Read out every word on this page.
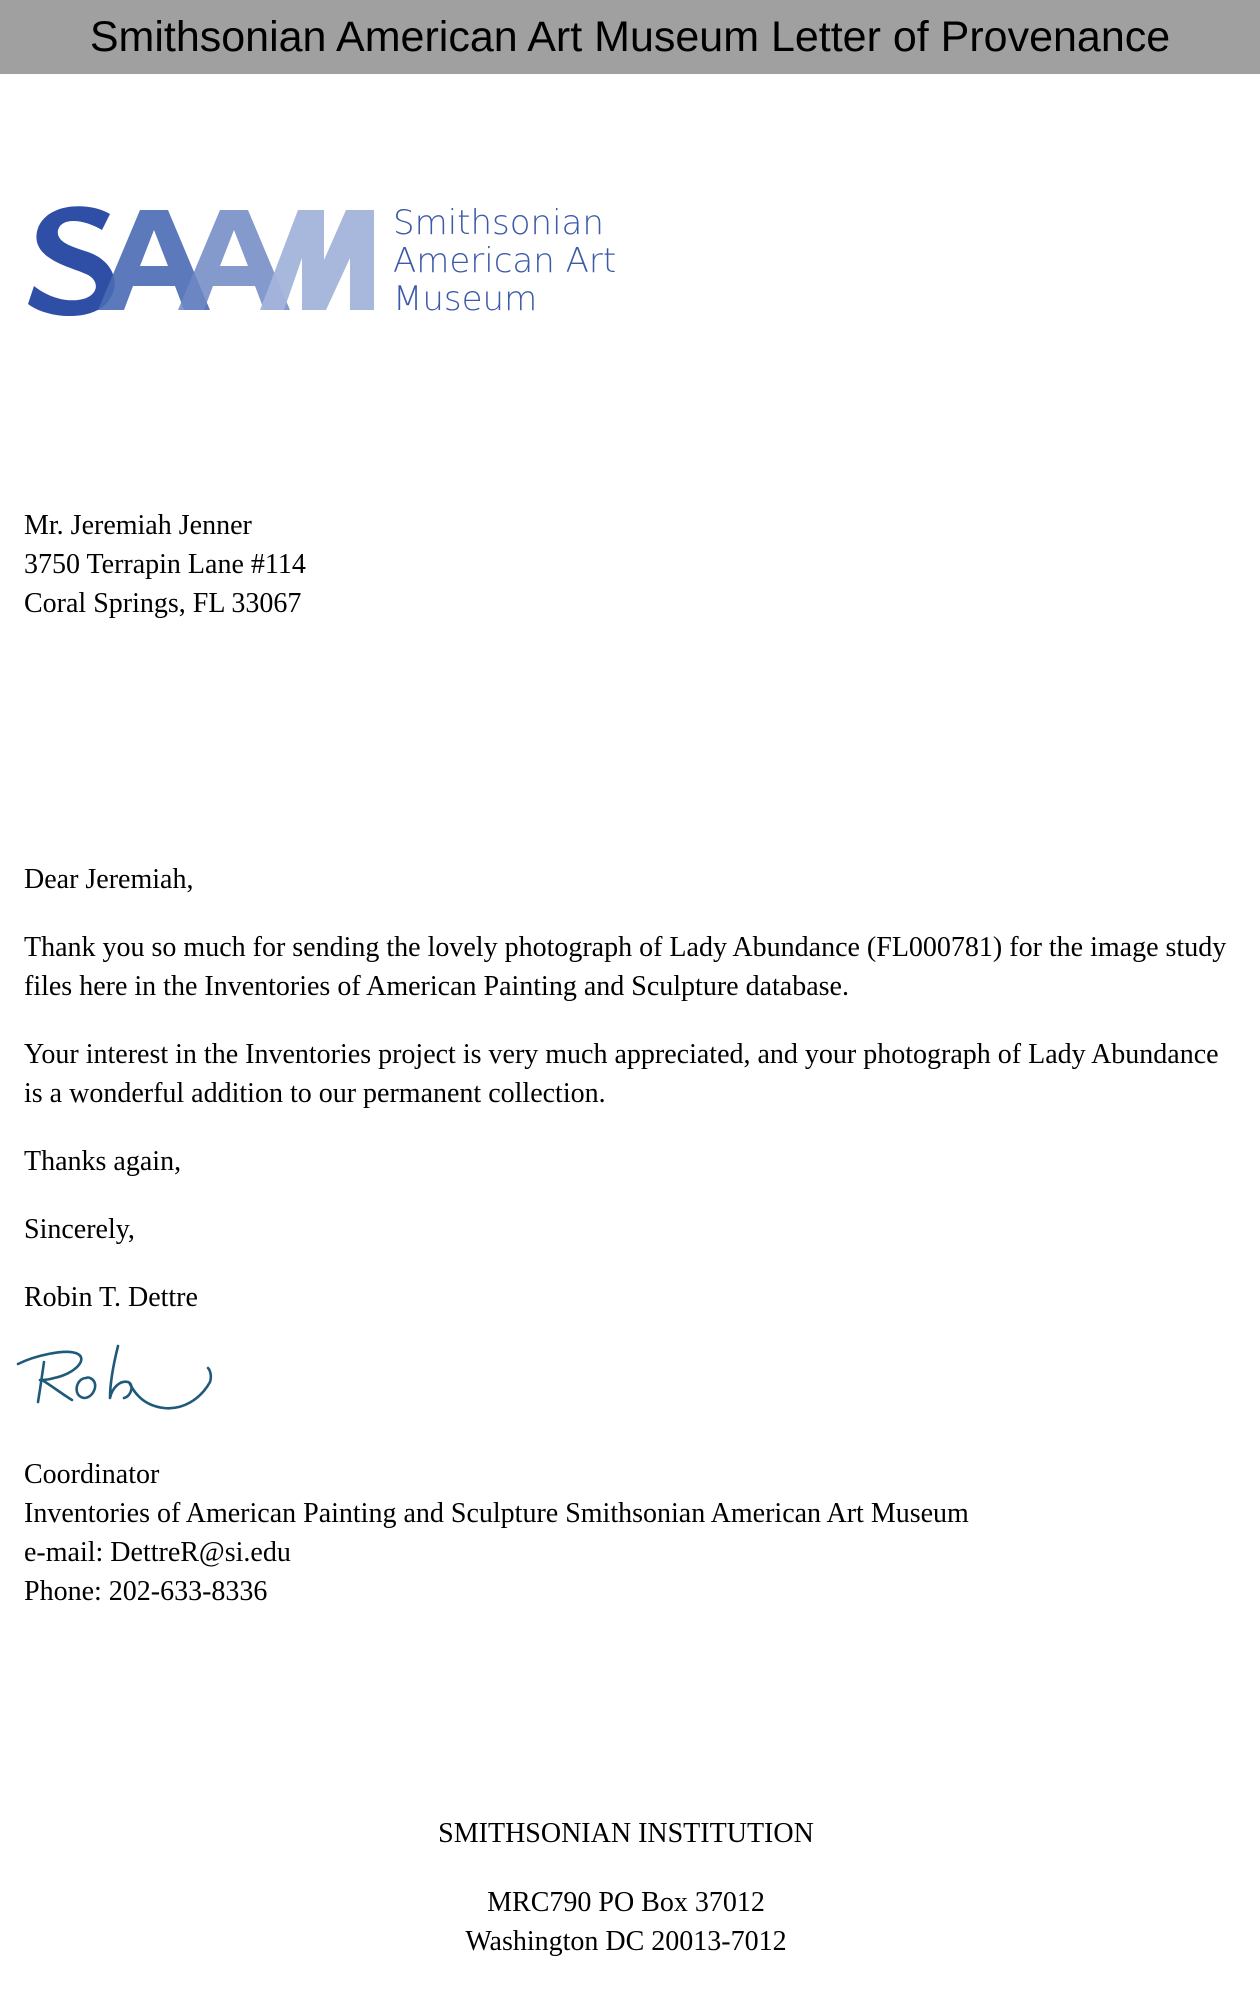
Smithsonian American Art Museum Letter of Provenance
Smithsonian
American Art
Museum
Mr. Jeremiah Jenner
3750 Terrapin Lane #114
Coral Springs, FL 33067

Dear Jeremiah,

Thank you so much for sending the lovely photograph of Lady Abundance (FL000781) for the image study files here in the Inventories of American Painting and Sculpture database.

Your interest in the Inventories project is very much appreciated, and your photograph of Lady Abundance is a wonderful addition to our permanent collection.

Thanks again,

Sincerely,

Robin T. Dettre

Coordinator
Inventories of American Painting and Sculpture Smithsonian American Art Museum
e-mail: DettreR@si.edu
Phone: 202-633-8336
SMITHSONIAN INSTITUTION
MRC790 PO Box 37012
Washington DC 20013-7012
